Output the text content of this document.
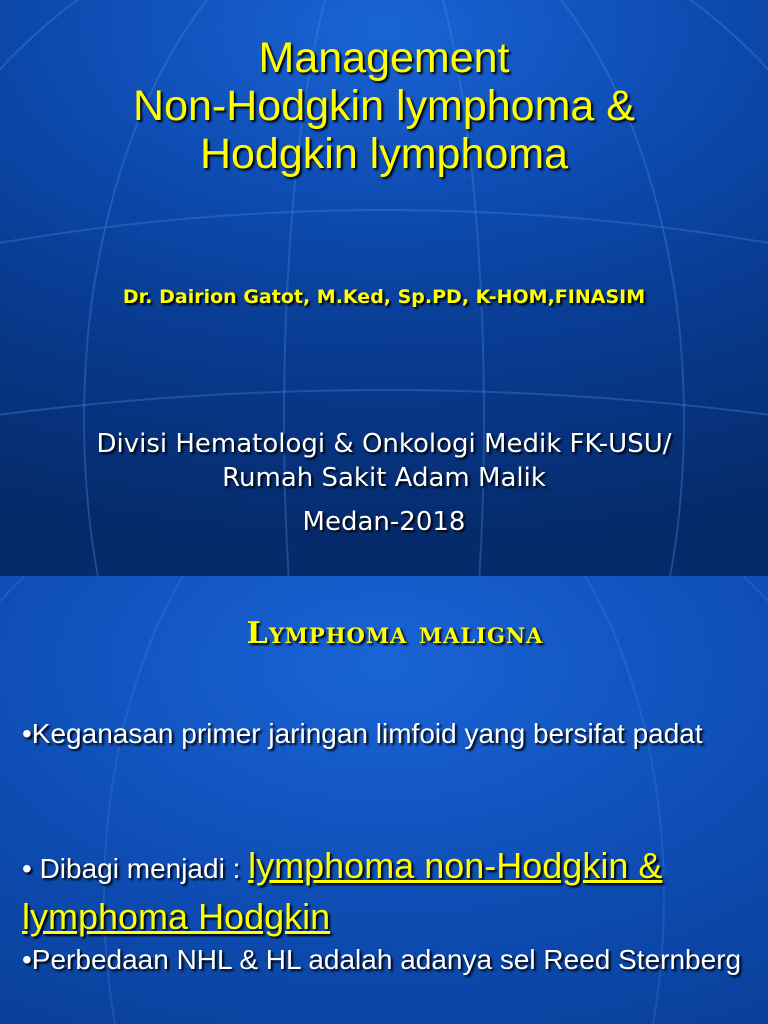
Management
Non-Hodgkin lymphoma &
Hodgkin lymphoma
Dr. Dairion Gatot, M.Ked, Sp.PD, K-HOM,FINASIM
Divisi Hematologi & Onkologi Medik FK-USU/
Rumah Sakit Adam Malik
Medan-2018
Lymphoma maligna
•Keganasan primer jaringan limfoid yang bersifat padat
• Dibagi menjadi : lymphoma non-Hodgkin & lymphoma Hodgkin
•Perbedaan NHL & HL adalah adanya sel Reed Sternberg
